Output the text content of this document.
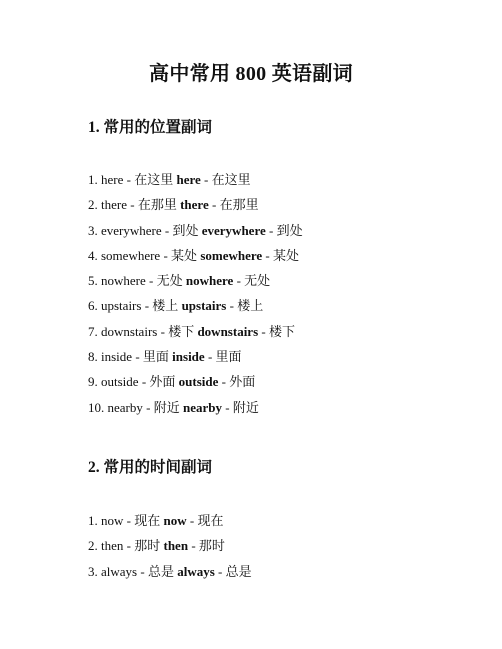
高中常用 800 英语副词
1. 常用的位置副词
1. here - 在这里 here - 在这里
2. there - 在那里 there - 在那里
3. everywhere - 到处 everywhere - 到处
4. somewhere - 某处 somewhere - 某处
5. nowhere - 无处 nowhere - 无处
6. upstairs - 楼上 upstairs - 楼上
7. downstairs - 楼下 downstairs - 楼下
8. inside - 里面 inside - 里面
9. outside - 外面 outside - 外面
10. nearby - 附近 nearby - 附近
2. 常用的时间副词
1. now - 现在 now - 现在
2. then - 那时 then - 那时
3. always - 总是 always - 总是
